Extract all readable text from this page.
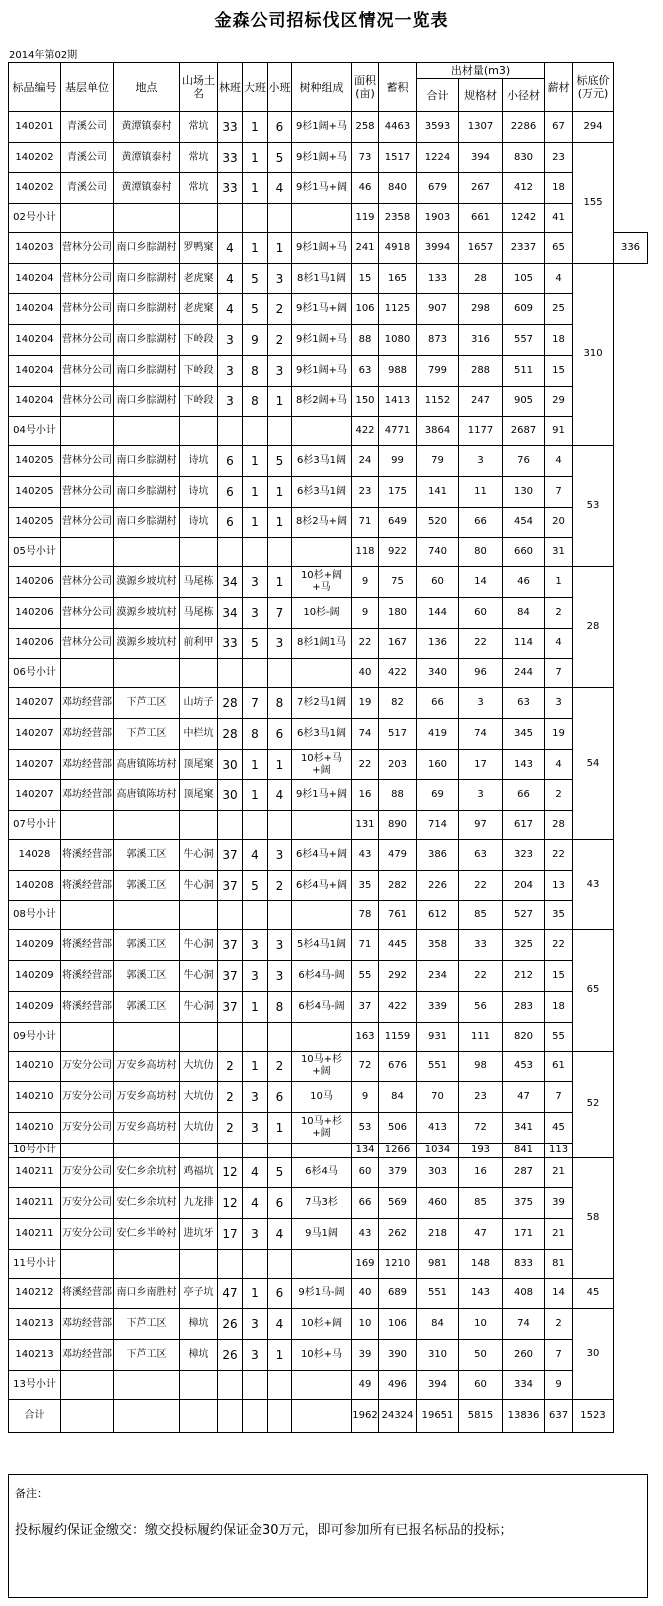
金森公司招标伐区情况一览表
2014年第02期
标品编号	基层单位	地点	山场土名	林班	大班	小班	树种组成	面积(亩)	蓄积	出材量(m3)			薪材	标底价(万元)	
										合计	规格材	小径材			
140201	青溪公司	黄潭镇泰村	常坑	33	1	6	9杉1阔+马	258	4463	3593	1307	2286	67	294	
140202	青溪公司	黄潭镇泰村	常坑	33	1	5	9杉1阔+马	73	1517	1224	394	830	23	155	
140202	青溪公司	黄潭镇泰村	常坑	33	1	4	9杉1马+阔	46	840	679	267	412	18		
02号小计								119	2358	1903	661	1242	41		
140203	营林分公司	南口乡腙湖村	罗鸭窠	4	1	1	9杉1阔+马	241	4918	3994	1657	2337	65		336
140204	营林分公司	南口乡腙湖村	老虎窠	4	5	3	8杉1马1阔	15	165	133	28	105	4	310	
140204	营林分公司	南口乡腙湖村	老虎窠	4	5	2	9杉1马+阔	106	1125	907	298	609	25		
140204	营林分公司	南口乡腙湖村	下岭段	3	9	2	9杉1阔+马	88	1080	873	316	557	18		
140204	营林分公司	南口乡腙湖村	下岭段	3	8	3	9杉1阔+马	63	988	799	288	511	15		
140204	营林分公司	南口乡腙湖村	下岭段	3	8	1	8杉2阔+马	150	1413	1152	247	905	29		
04号小计								422	4771	3864	1177	2687	91		
140205	营林分公司	南口乡腙湖村	诗坑	6	1	5	6杉3马1阔	24	99	79	3	76	4	53	
140205	营林分公司	南口乡腙湖村	诗坑	6	1	1	6杉3马1阔	23	175	141	11	130	7		
140205	营林分公司	南口乡腙湖村	诗坑	6	1	1	8杉2马+阔	71	649	520	66	454	20		
05号小计								118	922	740	80	660	31		
140206	营林分公司	漠源乡坡坑村	马尾栋	34	3	1	10杉+阔+马	9	75	60	14	46	1	28	
140206	营林分公司	漠源乡坡坑村	马尾栋	34	3	7	10杉-阔	9	180	144	60	84	2		
140206	营林分公司	漠源乡坡坑村	前利甲	33	5	3	8杉1阔1马	22	167	136	22	114	4		
06号小计								40	422	340	96	244	7		
140207	邓坊经营部	下芦工区	山坊子	28	7	8	7杉2马1阔	19	82	66	3	63	3	54	
140207	邓坊经营部	下芦工区	中栏坑	28	8	6	6杉3马1阔	74	517	419	74	345	19		
140207	邓坊经营部	高唐镇陈坊村	顶尾窠	30	1	1	10杉+马+阔	22	203	160	17	143	4		
140207	邓坊经营部	高唐镇陈坊村	顶尾窠	30	1	4	9杉1马+阔	16	88	69	3	66	2		
07号小计								131	890	714	97	617	28		
14028	将溪经营部	郭溪工区	牛心洞	37	4	3	6杉4马+阔	43	479	386	63	323	22	43	
140208	将溪经营部	郭溪工区	牛心洞	37	5	2	6杉4马+阔	35	282	226	22	204	13		
08号小计								78	761	612	85	527	35		
140209	将溪经营部	郭溪工区	牛心洞	37	3	3	5杉4马1阔	71	445	358	33	325	22	65	
140209	将溪经营部	郭溪工区	牛心洞	37	3	3	6杉4马-阔	55	292	234	22	212	15		
140209	将溪经营部	郭溪工区	牛心洞	37	1	8	6杉4马-阔	37	422	339	56	283	18		
09号小计								163	1159	931	111	820	55		
140210	万安分公司	万安乡高坊村	大坑仂	2	1	2	10马+杉+阔	72	676	551	98	453	61	52	
140210	万安分公司	万安乡高坊村	大坑仂	2	3	6	10马	9	84	70	23	47	7		
140210	万安分公司	万安乡高坊村	大坑仂	2	3	1	10马+杉+阔	53	506	413	72	341	45		
10号小计								134	1266	1034	193	841	113		
140211	万安分公司	安仁乡余坑村	鸡福坑	12	4	5	6杉4马	60	379	303	16	287	21	58	
140211	万安分公司	安仁乡余坑村	九龙排	12	4	6	7马3杉	66	569	460	85	375	39		
140211	万安分公司	安仁乡半岭村	进坑牙	17	3	4	9马1阔	43	262	218	47	171	21		
11号小计								169	1210	981	148	833	81		
140212	将溪经营部	南口乡南胜村	亭子坑	47	1	6	9杉1马-阔	40	689	551	143	408	14	45	
140213	邓坊经营部	下芦工区	樟坑	26	3	4	10杉+阔	10	106	84	10	74	2	30	
140213	邓坊经营部	下芦工区	樟坑	26	3	1	10杉+马	39	390	310	50	260	7		
13号小计								49	496	394	60	334	9		
合计								1962	24324	19651	5815	13836	637	1523	
备注：
投标履约保证金缴交：缴交投标履约保证金30万元，即可参加所有已报名标品的投标；
